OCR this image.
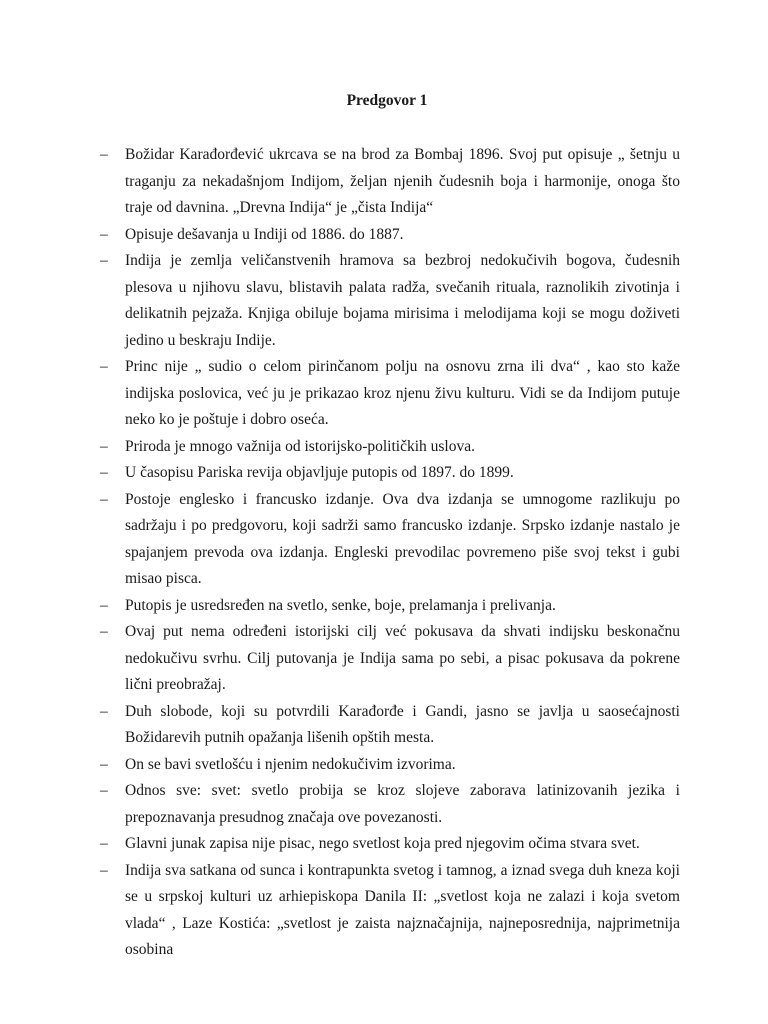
Predgovor 1
– Božidar Karađorđević ukrcava se na brod za Bombaj 1896. Svoj put opisuje „ šetnju u traganju za nekadašnjom Indijom, željan njenih čudesnih boja i harmonije, onoga što traje od davnina. „Drevna Indija“ je „čista Indija“
– Opisuje dešavanja u Indiji od 1886. do 1887.
– Indija je zemlja veličanstvenih hramova sa bezbroj nedokučivih bogova, čudesnih plesova u njihovu slavu, blistavih palata radža, svečanih rituala, raznolikih zivotinja i delikatnih pejzaža. Knjiga obiluje bojama mirisima i melodijama koji se mogu doživeti jedino u beskraju Indije.
– Princ nije „ sudio o celom pirinčanom polju na osnovu zrna ili dva“ , kao sto kaže indijska poslovica, već ju je prikazao kroz njenu živu kulturu. Vidi se da Indijom putuje neko ko je poštuje i dobro oseća.
– Priroda je mnogo važnija od istorijsko-političkih uslova.
– U časopisu Pariska revija objavljuje putopis od 1897. do 1899.
– Postoje englesko i francusko izdanje. Ova dva izdanja se umnogome razlikuju po sadržaju i po predgovoru, koji sadrži samo francusko izdanje. Srpsko izdanje nastalo je spajanjem prevoda ova izdanja. Engleski prevodilac povremeno piše svoj tekst i gubi misao pisca.
– Putopis je usredsređen na svetlo, senke, boje, prelamanja i prelivanja.
– Ovaj put nema određeni istorijski cilj već pokusava da shvati indijsku beskonačnu nedokučivu svrhu. Cilj putovanja je Indija sama po sebi, a pisac pokusava da pokrene lični preobražaj.
– Duh slobode, koji su potvrdili Karađorđe i Gandi, jasno se javlja u saosećajnosti Božidarevih putnih opažanja lišenih opštih mesta.
– On se bavi svetlošću i njenim nedokučivim izvorima.
– Odnos sve: svet: svetlo probija se kroz slojeve zaborava latinizovanih jezika i prepoznavanja presudnog značaja ove povezanosti.
– Glavni junak zapisa nije pisac, nego svetlost koja pred njegovim očima stvara svet.
– Indija sva satkana od sunca i kontrapunkta svetog i tamnog, a iznad svega duh kneza koji se u srpskoj kulturi uz arhiepiskopa Danila II: „svetlost koja ne zalazi i koja svetom vlada“ , Laze Kostića: „svetlost je zaista najznačajnija, najneposrednija, najprimetnija osobina
